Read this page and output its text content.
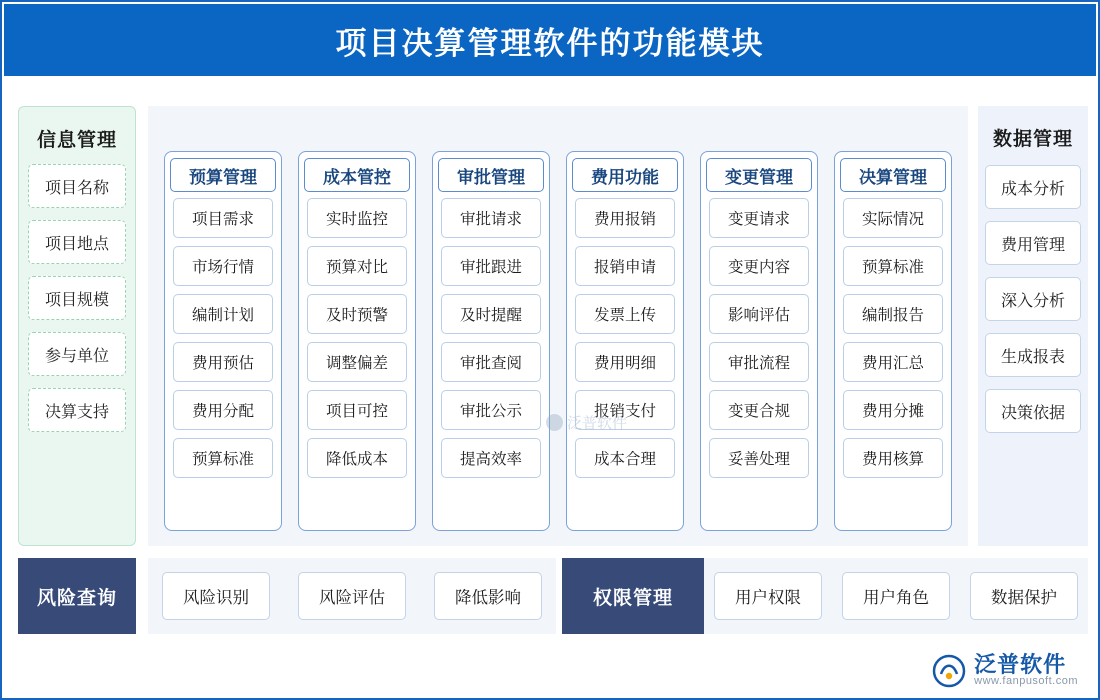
项目决算管理软件的功能模块
信息管理
项目名称
项目地点
项目规模
参与单位
决算支持
预算管理
项目需求
市场行情
编制计划
费用预估
费用分配
预算标准
成本管控
实时监控
预算对比
及时预警
调整偏差
项目可控
降低成本
审批管理
审批请求
审批跟进
及时提醒
审批查阅
审批公示
提高效率
费用功能
费用报销
报销申请
发票上传
费用明细
报销支付
成本合理
变更管理
变更请求
变更内容
影响评估
审批流程
变更合规
妥善处理
决算管理
实际情况
预算标准
编制报告
费用汇总
费用分摊
费用核算
泛普软件
数据管理
成本分析
费用管理
深入分析
生成报表
决策依据
风险查询	风险识别	风险评估	降低影响	权限管理	用户权限	用户角色	数据保护
泛普软件
www.fanpusoft.com
